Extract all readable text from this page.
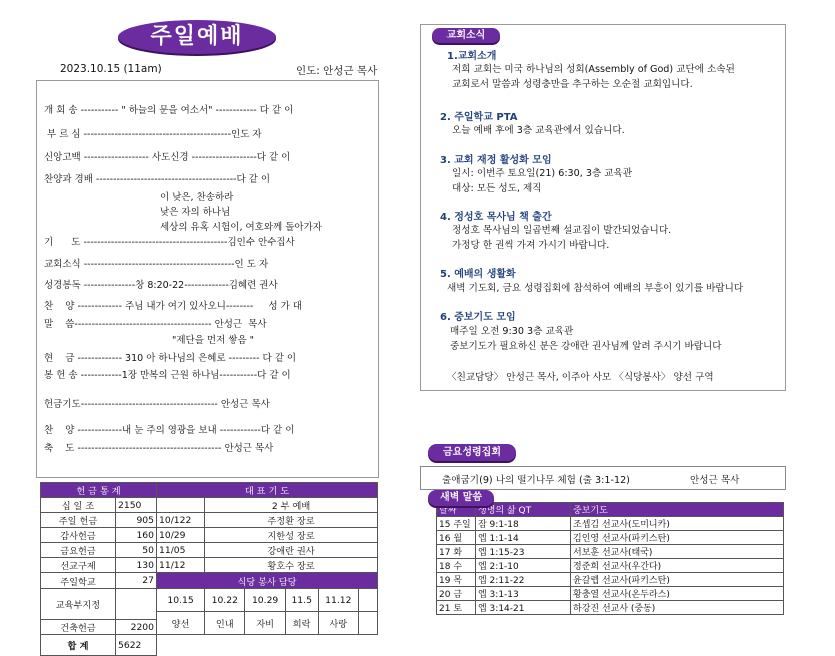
주일예배
2023.10.15 (11am)	인도: 안성근 목사
개 회 송 ----------- " 하늘의 문을 여소서" ------------ 다 같 이
부 르 심 -------------------------------------------인도 자
신앙고백 ------------------- 사도신경 -------------------다 같 이
찬양과 경배 -----------------------------------------다 같 이
이 낮은, 찬송하라
낮은 자의 하나님
세상의 유혹 시험이, 여호와께 돌아가자
기      도 ------------------------------------------김인수 안수집사
교회소식 --------------------------------------------인 도 자
성경봉독 ---------------창 8:20-22-------------김혜련 권사
찬    양 ------------- 주님 내가 여기 있사오니--------     성 가 대
말    씀---------------------------------------- 안성근  목사
"제단을 먼저 쌓음 "
현    금 ------------- 310 아 하나님의 은혜로 --------- 다 같 이
봉 헌 송 ------------1장 만복의 근원 하나님-----------다 같 이
헌금기도---------------------------------------- 안성근 목사
찬    양 -------------내 눈 주의 영광을 보내 ------------다 같 이
축    도 ------------------------------------------ 안성근 목사
헌 금 통 계		대 표 기 도					
십 일 조	2150		2 부 예배				
주일 헌금	905	10/122	주정환 장로				
감사헌금	160	10/29	지한성 장로				
금요헌금	50	11/05	강애란 권사				
선교구제	130	11/12	황호수 장로				
주일학교	27	식당 봉사 담당					
교육부지정		10.15	10.22	10.29	11.5	11.12	
		양선	인내	자비	희락	사랑	
건축헌금	2200						
합 계	5622						
교회소식
1.교회소개
저희 교회는 미국 하나님의 성회(Assembly of God) 교단에 소속된
교회로서 말씀과 성령충만을 추구하는 오순절 교회입니다.
2. 주일학교 PTA
오늘 예배 후에 3층 교육관에서 있습니다.
3. 교회 재정 활성화 모임
일시: 이번주 토요일(21) 6:30, 3층 교육관
대상: 모든 성도, 제직
4. 정성호 목사님 책 출간
정성호 목사님의 일곱번째 설교집이 발간되었습니다.
가정당 한 권씩 가져 가시기 바랍니다.
5. 예배의 생활화
새벽 기도회, 금요 성령집회에 참석하여 예배의 부흥이 있기를 바랍니다
6. 중보기도 모임
매주일 오전 9:30 3층 교육관
중보기도가 필요하신 분은 강애란 권사님께 알려 주시기 바랍니다
〈친교담당〉 안성근 목사, 이주아 사모 〈식당봉사〉 양선 구역
금요성령집회
출애굽기(9) 나의 떨기나무 체험 (출 3:1-12)	안성근 목사
날짜	생명의 삶 QT	중보기도
15 주일	잠 9:1-18	조셉김 선교사(도미니카)
16 월	엡 1:1-14	김인영 선교사(파키스탄)
17 화	엡 1:15-23	서보훈 선교사(태국)
18 수	엡 2:1-10	정준희 선교사(우간다)
19 목	엡 2:11-22	윤갈렙 선교사(파키스탄)
20 금	엡 3:1-13	황충열 선교사(온두라스)
21 토	엡 3:14-21	하강진 선교사 (중동)
새벽 말씀
